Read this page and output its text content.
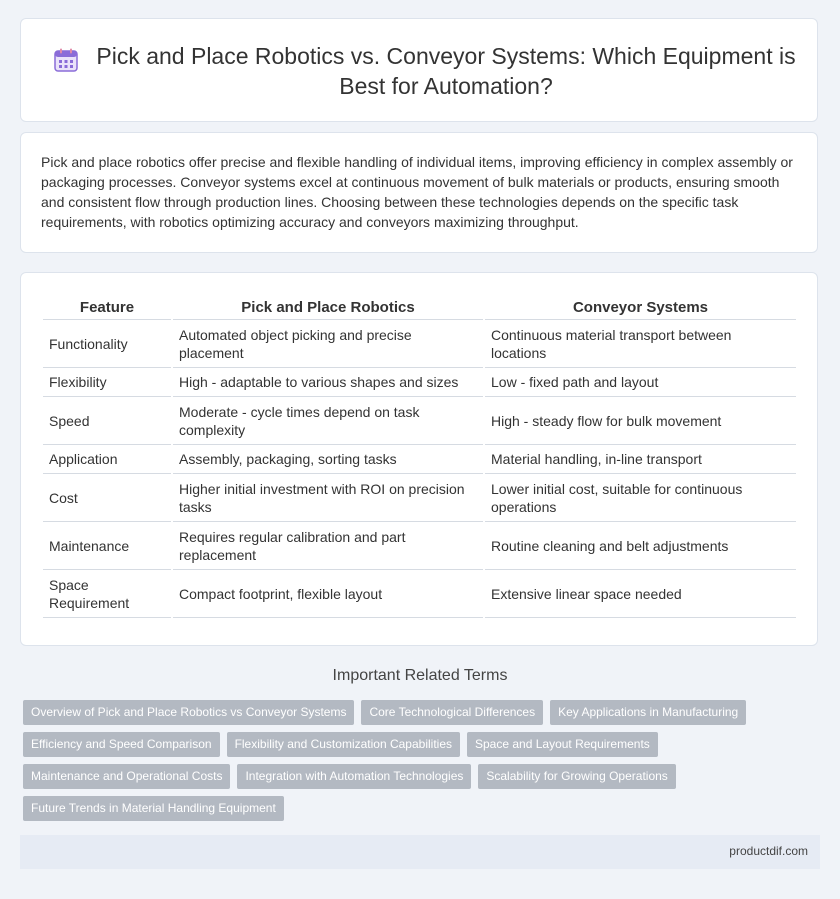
Pick and Place Robotics vs. Conveyor Systems: Which Equipment is Best for Automation?

Pick and place robotics offer precise and flexible handling of individual items, improving efficiency in complex assembly or packaging processes. Conveyor systems excel at continuous movement of bulk materials or products, ensuring smooth and consistent flow through production lines. Choosing between these technologies depends on the specific task requirements, with robotics optimizing accuracy and conveyors maximizing throughput.

Feature	Pick and Place Robotics	Conveyor Systems
Functionality	Automated object picking and precise placement	Continuous material transport between locations
Flexibility	High - adaptable to various shapes and sizes	Low - fixed path and layout
Speed	Moderate - cycle times depend on task complexity	High - steady flow for bulk movement
Application	Assembly, packaging, sorting tasks	Material handling, in-line transport
Cost	Higher initial investment with ROI on precision tasks	Lower initial cost, suitable for continuous operations
Maintenance	Requires regular calibration and part replacement	Routine cleaning and belt adjustments
Space Requirement	Compact footprint, flexible layout	Extensive linear space needed
Important Related Terms
Overview of Pick and Place Robotics vs Conveyor Systems	Core Technological Differences	Key Applications in Manufacturing
Efficiency and Speed Comparison	Flexibility and Customization Capabilities	Space and Layout Requirements
Maintenance and Operational Costs	Integration with Automation Technologies	Scalability for Growing Operations
Future Trends in Material Handling Equipment
productdif.com
